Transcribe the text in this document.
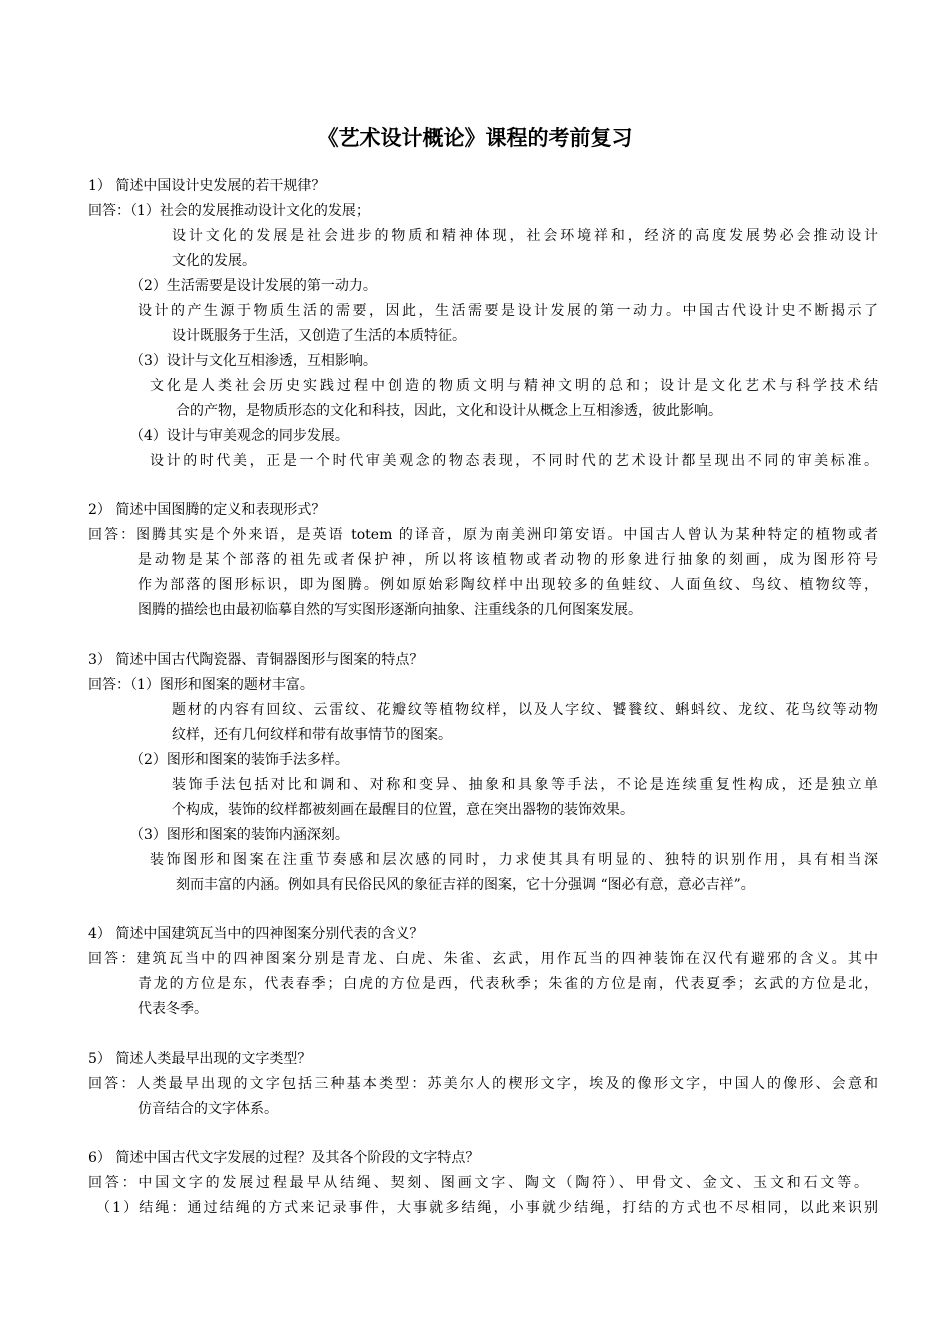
《艺术设计概论》课程的考前复习
1） 简述中国设计史发展的若干规律？
回答：（1）社会的发展推动设计文化的发展；
设计文化的发展是社会进步的物质和精神体现，社会环境祥和，经济的高度发展势必会推动设计
文化的发展。
（2）生活需要是设计发展的第一动力。
设计的产生源于物质生活的需要，因此，生活需要是设计发展的第一动力。中国古代设计史不断揭示了
设计既服务于生活，又创造了生活的本质特征。
（3）设计与文化互相渗透，互相影响。
文化是人类社会历史实践过程中创造的物质文明与精神文明的总和；设计是文化艺术与科学技术结
合的产物，是物质形态的文化和科技，因此，文化和设计从概念上互相渗透，彼此影响。
（4）设计与审美观念的同步发展。
设计的时代美，正是一个时代审美观念的物态表现，不同时代的艺术设计都呈现出不同的审美标准。
2） 简述中国图腾的定义和表现形式？
回答：图腾其实是个外来语，是英语 totem 的译音，原为南美洲印第安语。中国古人曾认为某种特定的植物或者
是动物是某个部落的祖先或者保护神，所以将该植物或者动物的形象进行抽象的刻画，成为图形符号
作为部落的图形标识，即为图腾。例如原始彩陶纹样中出现较多的鱼蛙纹、人面鱼纹、鸟纹、植物纹等，
图腾的描绘也由最初临摹自然的写实图形逐渐向抽象、注重线条的几何图案发展。
3） 简述中国古代陶瓷器、青铜器图形与图案的特点？
回答：（1）图形和图案的题材丰富。
题材的内容有回纹、云雷纹、花瓣纹等植物纹样，以及人字纹、饕餮纹、蝌蚪纹、龙纹、花鸟纹等动物
纹样，还有几何纹样和带有故事情节的图案。
（2）图形和图案的装饰手法多样。
装饰手法包括对比和调和、对称和变异、抽象和具象等手法，不论是连续重复性构成，还是独立单
个构成，装饰的纹样都被刻画在最醒目的位置，意在突出器物的装饰效果。
（3）图形和图案的装饰内涵深刻。
装饰图形和图案在注重节奏感和层次感的同时，力求使其具有明显的、独特的识别作用，具有相当深
刻而丰富的内涵。例如具有民俗民风的象征吉祥的图案，它十分强调 “图必有意，意必吉祥”。
4） 简述中国建筑瓦当中的四神图案分别代表的含义？
回答：建筑瓦当中的四神图案分别是青龙、白虎、朱雀、玄武，用作瓦当的四神装饰在汉代有避邪的含义。其中
青龙的方位是东，代表春季；白虎的方位是西，代表秋季；朱雀的方位是南，代表夏季；玄武的方位是北，
代表冬季。
5） 简述人类最早出现的文字类型？
回答：人类最早出现的文字包括三种基本类型：苏美尔人的楔形文字，埃及的像形文字，中国人的像形、会意和
仿音结合的文字体系。
6） 简述中国古代文字发展的过程？及其各个阶段的文字特点？
回答：中国文字的发展过程最早从结绳、契刻、图画文字、陶文（陶符）、甲骨文、金文、玉文和石文等。
（1）结绳：通过结绳的方式来记录事件，大事就多结绳，小事就少结绳，打结的方式也不尽相同，以此来识别
